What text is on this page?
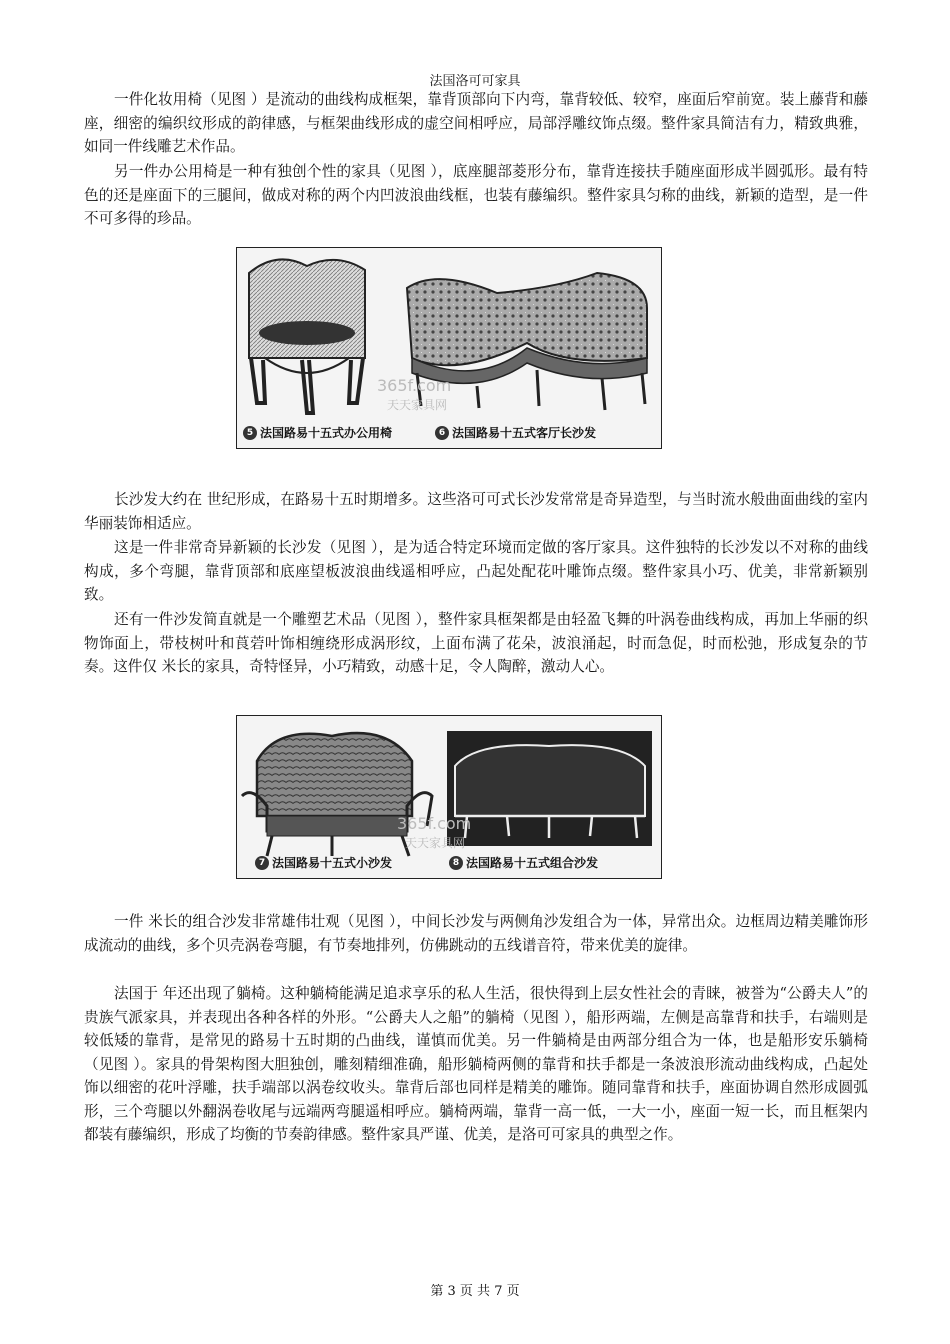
法国洛可可家具

一件化妆用椅（见图 ）是流动的曲线构成框架，靠背顶部向下内弯，靠背较低、较窄，座面后窄前宽。装上藤背和藤座，细密的编织纹形成的韵律感，与框架曲线形成的虚空间相呼应，局部浮雕纹饰点缀。整件家具简洁有力，精致典雅，如同一件线雕艺术作品。

另一件办公用椅是一种有独创个性的家具（见图 ），底座腿部菱形分布，靠背连接扶手随座面形成半圆弧形。最有特色的还是座面下的三腿间，做成对称的两个内凹波浪曲线框，也装有藤编织。整件家具匀称的曲线，新颖的造型，是一件不可多得的珍品。

365f.com
天天家具网
5 法国路易十五式办公用椅	6 法国路易十五式客厅长沙发

长沙发大约在 世纪形成，在路易十五时期增多。这些洛可可式长沙发常常是奇异造型，与当时流水般曲面曲线的室内华丽装饰相适应。

这是一件非常奇异新颖的长沙发（见图 ），是为适合特定环境而定做的客厅家具。这件独特的长沙发以不对称的曲线构成，多个弯腿，靠背顶部和底座望板波浪曲线遥相呼应，凸起处配花叶雕饰点缀。整件家具小巧、优美，非常新颖别致。

还有一件沙发简直就是一个雕塑艺术品（见图 ），整件家具框架都是由轻盈飞舞的叶涡卷曲线构成，再加上华丽的织物饰面上，带枝树叶和莨菪叶饰相缠绕形成涡形纹，上面布满了花朵，波浪涌起，时而急促，时而松弛，形成复杂的节奏。这件仅 米长的家具，奇特怪异，小巧精致，动感十足，令人陶醉，激动人心。

365f.com
天天家具网
7 法国路易十五式小沙发	8 法国路易十五式组合沙发

一件 米长的组合沙发非常雄伟壮观（见图 ），中间长沙发与两侧角沙发组合为一体，异常出众。边框周边精美雕饰形成流动的曲线，多个贝壳涡卷弯腿，有节奏地排列，仿佛跳动的五线谱音符，带来优美的旋律。

法国于 年还出现了躺椅。这种躺椅能满足追求享乐的私人生活，很快得到上层女性社会的青睐，被誉为“公爵夫人”的贵族气派家具，并表现出各种各样的外形。“公爵夫人之船”的躺椅（见图 ），船形两端，左侧是高靠背和扶手，右端则是较低矮的靠背，是常见的路易十五时期的凸曲线，谨慎而优美。另一件躺椅是由两部分组合为一体，也是船形安乐躺椅（见图 ）。家具的骨架构图大胆独创，雕刻精细准确，船形躺椅两侧的靠背和扶手都是一条波浪形流动曲线构成，凸起处饰以细密的花叶浮雕，扶手端部以涡卷纹收头。靠背后部也同样是精美的雕饰。随同靠背和扶手，座面协调自然形成圆弧形，三个弯腿以外翻涡卷收尾与远端两弯腿遥相呼应。躺椅两端，靠背一高一低，一大一小，座面一短一长，而且框架内都装有藤编织，形成了均衡的节奏韵律感。整件家具严谨、优美，是洛可可家具的典型之作。

第 3 页 共 7 页
